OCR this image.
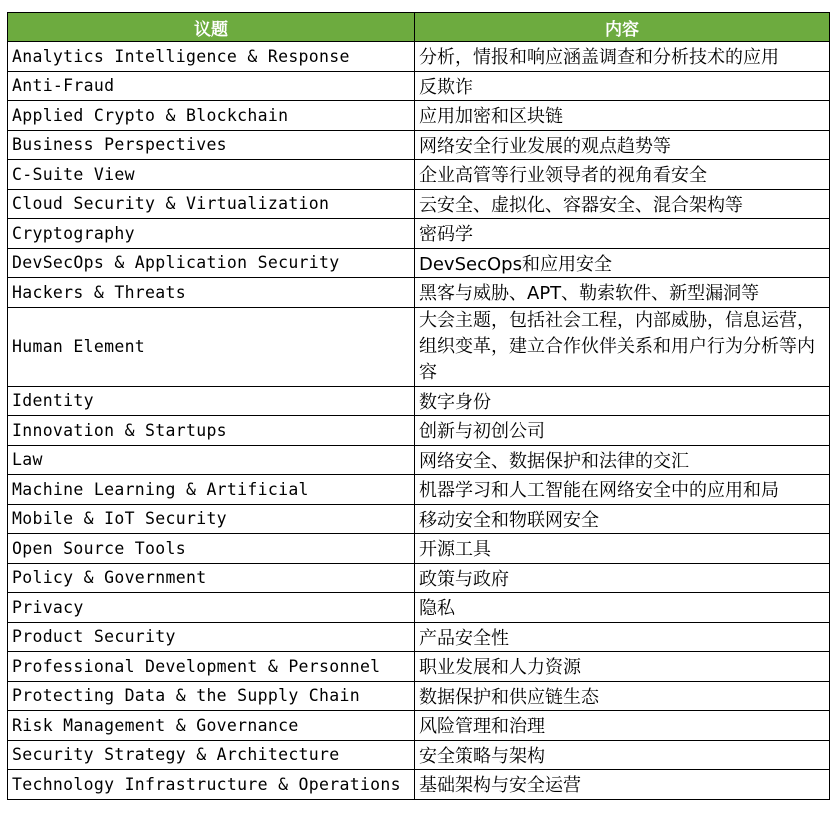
议题	内容
Analytics Intelligence & Response	分析，情报和响应涵盖调查和分析技术的应用
Anti-Fraud	反欺诈
Applied Crypto & Blockchain	应用加密和区块链
Business Perspectives	网络安全行业发展的观点趋势等
C-Suite View	企业高管等行业领导者的视角看安全
Cloud Security & Virtualization	云安全、虚拟化、容器安全、混合架构等
Cryptography	密码学
DevSecOps & Application Security	DevSecOps和应用安全
Hackers & Threats	黑客与威胁、APT、勒索软件、新型漏洞等
Human Element	大会主题，包括社会工程，内部威胁，信息运营，组织变革，建立合作伙伴关系和用户行为分析等内容
Identity	数字身份
Innovation & Startups	创新与初创公司
Law	网络安全、数据保护和法律的交汇
Machine Learning & Artificial	机器学习和人工智能在网络安全中的应用和局
Mobile & IoT Security	移动安全和物联网安全
Open Source Tools	开源工具
Policy & Government	政策与政府
Privacy	隐私
Product Security	产品安全性
Professional Development & Personnel	职业发展和人力资源
Protecting Data & the Supply Chain	数据保护和供应链生态
Risk Management & Governance	风险管理和治理
Security Strategy & Architecture	安全策略与架构
Technology Infrastructure & Operations	基础架构与安全运营
